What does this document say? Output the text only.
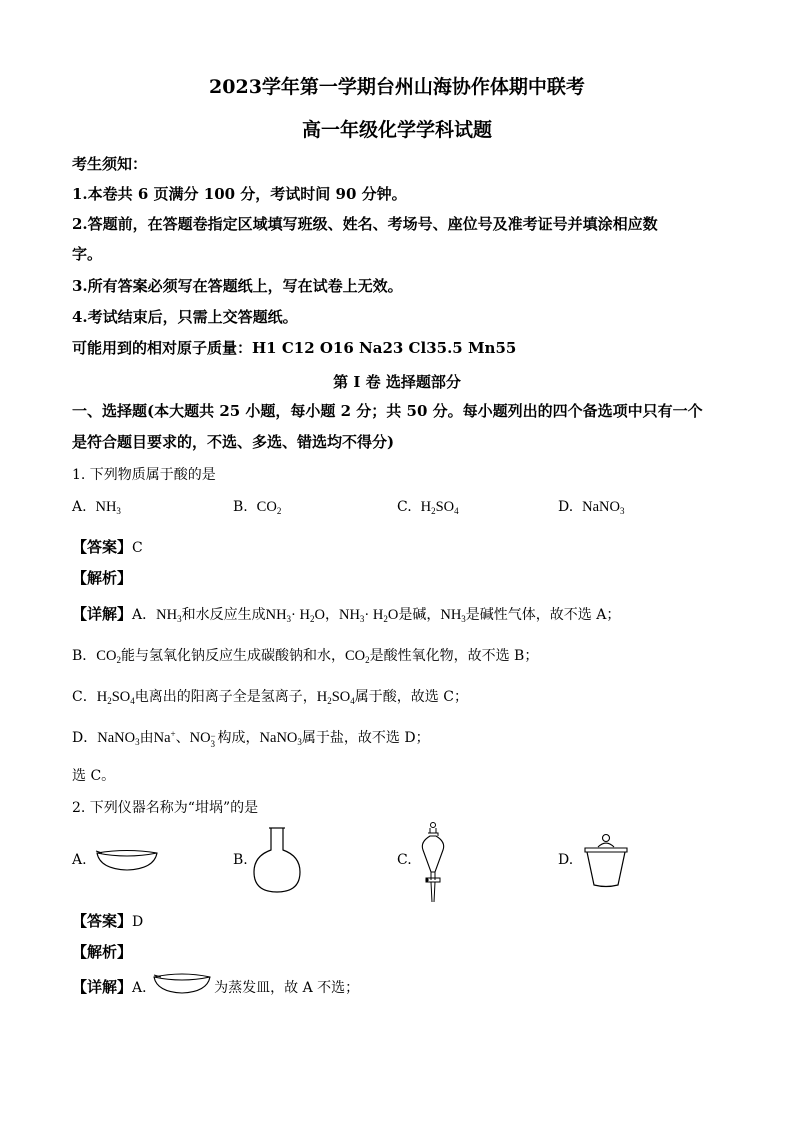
2023学年第一学期台州山海协作体期中联考
高一年级化学学科试题
考生须知：
1.本卷共 6 页满分 100 分，考试时间 90 分钟。
2.答题前，在答题卷指定区域填写班级、姓名、考场号、座位号及准考证号并填涂相应数
字。
3.所有答案必须写在答题纸上，写在试卷上无效。
4.考试结束后，只需上交答题纸。
可能用到的相对原子质量：H1 C12 O16 Na23 Cl35.5 Mn55
第 I 卷 选择题部分
一、选择题(本大题共 25 小题，每小题 2 分；共 50 分。每小题列出的四个备选项中只有一个
是符合题目要求的，不选、多选、错选均不得分)
1. 下列物质属于酸的是
A. $NH_3$	B. $CO_2$	C. $H_2SO_4$	D. NaNO$_3$
【答案】C
【解析】
【详解】A．$NH_3$和水反应生成$NH_3\cdot H_2O$，$NH_3\cdot H_2O$是碱，$NH_3$是碱性气体，故不选 A；
B．$CO_2$能与氢氧化钠反应生成碳酸钠和水，$CO_2$是酸性氧化物，故不选 B；
C．$H_2SO_4$电离出的阳离子全是氢离子，$H_2SO_4$属于酸，故选 C；
D．NaNO$_3$由Na+、NO −
3 构成，NaNO$_3$属于盐，故不选 D；
选 C。
2. 下列仪器名称为“坩埚”的是
A.	B.	C.	D.
【答案】D
【解析】
【详解】A．	为蒸发皿，故 A 不选；
